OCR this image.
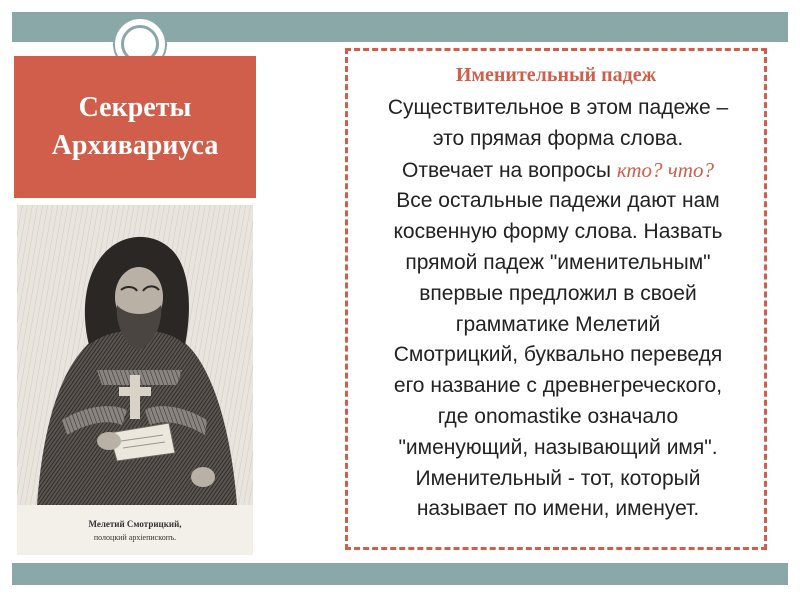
Секреты
Архивариуса
Мелетий Смотрицкий,
полоцкий архiепископъ.
Именительный падеж
Существительное в этом падеже –
это прямая форма слова.
Отвечает на вопросы кто? что?
Все остальные падежи дают нам
косвенную форму слова. Назвать
прямой падеж "именительным"
впервые предложил в своей
грамматике Мелетий
Смотрицкий, буквально переведя
его название с древнегреческого,
где onomastike означало
"именующий, называющий имя".
Именительный - тот, который
называет по имени, именует.
